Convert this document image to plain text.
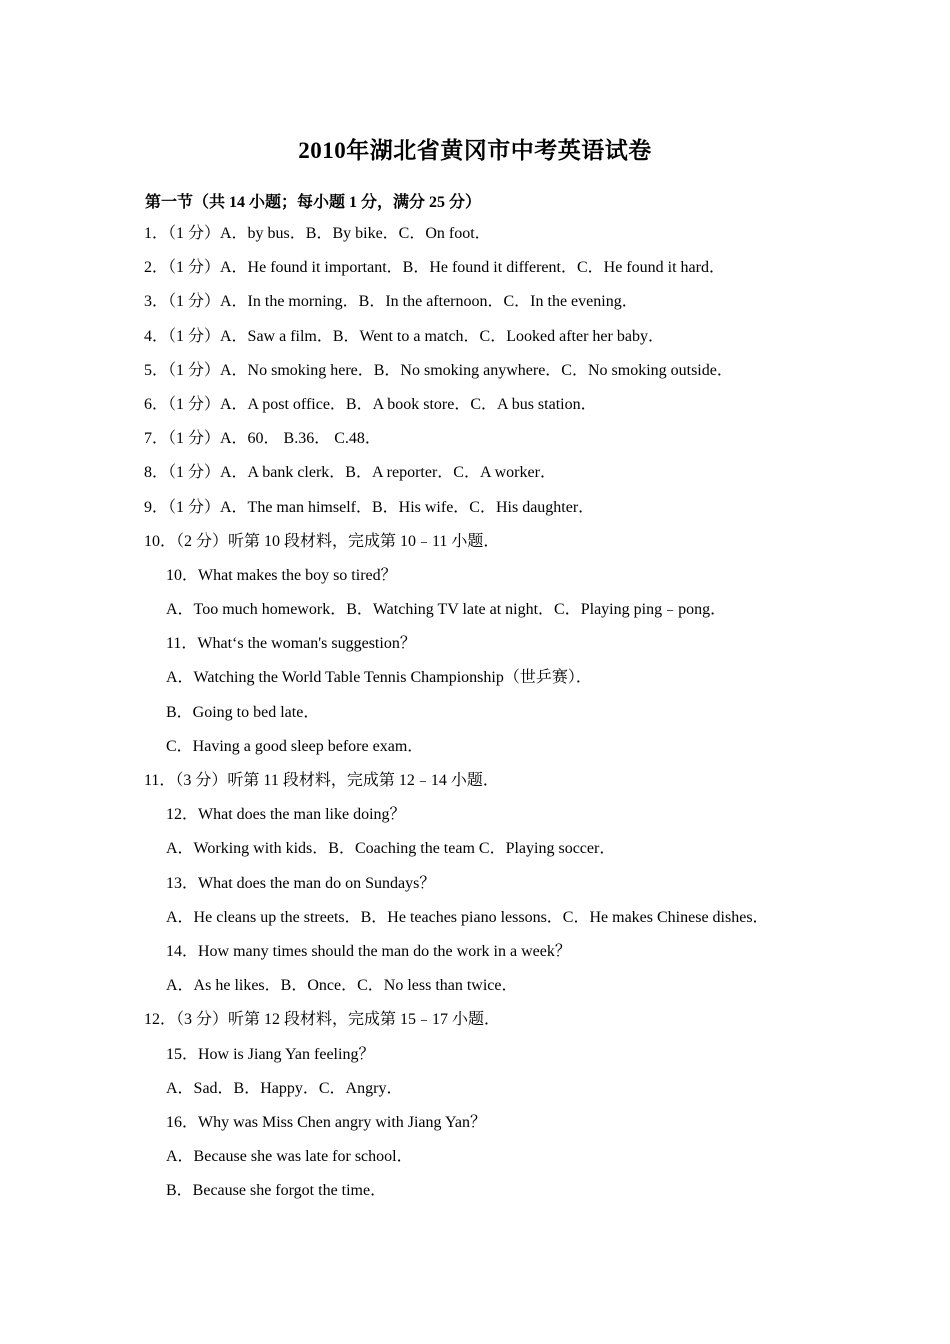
2010年湖北省黄冈市中考英语试卷
第一节（共 14 小题；每小题 1 分，满分 25 分）
1．（1 分）A．by bus．B．By bike．C．On foot．
2．（1 分）A．He found it important．B．He found it different．C．He found it hard．
3．（1 分）A．In the morning．B．In the afternoon．C．In the evening．
4．（1 分）A．Saw a film．B．Went to a match．C．Looked after her baby．
5．（1 分）A．No smoking here．B．No smoking anywhere．C．No smoking outside．
6．（1 分）A．A post office．B．A book store．C．A bus station．
7．（1 分）A．60． B.36． C.48．
8．（1 分）A．A bank clerk．B．A reporter．C．A worker．
9．（1 分）A．The man himself．B．His wife．C．His daughter．
10．（2 分）听第 10 段材料，完成第 10﹣11 小题．
10．What makes the boy so tired？
A．Too much homework．B．Watching TV late at night．C．Playing ping﹣pong．
11．What‘s the woman's suggestion？
A．Watching the World Table Tennis Championship（世乒赛）．
B．Going to bed late．
C．Having a good sleep before exam．
11．（3 分）听第 11 段材料，完成第 12﹣14 小题．
12．What does the man like doing？
A．Working with kids．B．Coaching the team C．Playing soccer．
13．What does the man do on Sundays？
A．He cleans up the streets．B．He teaches piano lessons．C．He makes Chinese dishes．
14．How many times should the man do the work in a week？
A．As he likes．B．Once．C．No less than twice．
12．（3 分）听第 12 段材料，完成第 15﹣17 小题．
15．How is Jiang Yan feeling？
A．Sad．B．Happy．C．Angry．
16．Why was Miss Chen angry with Jiang Yan？
A．Because she was late for school．
B．Because she forgot the time．
